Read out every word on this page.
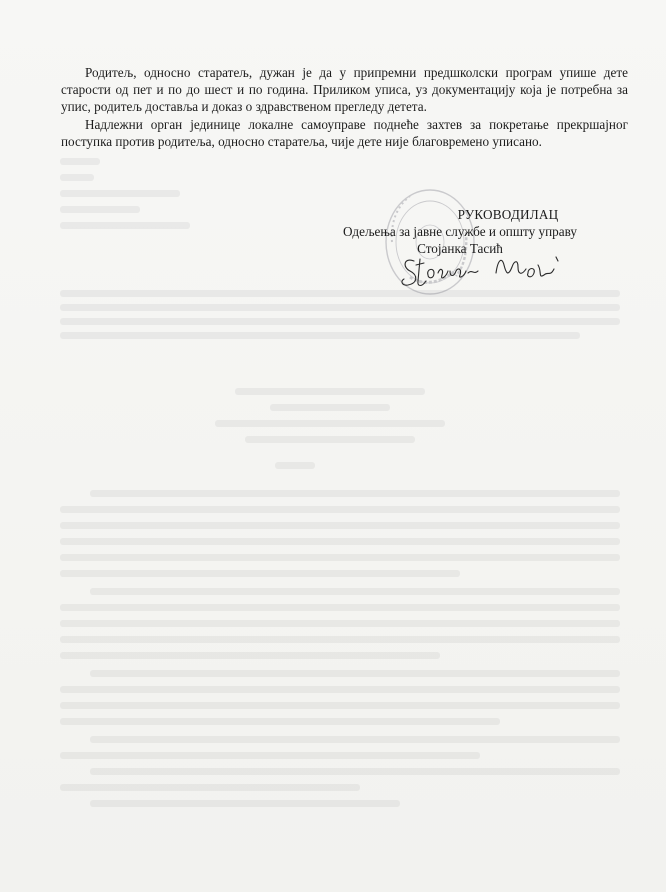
Родитељ, односно старатељ, дужан је да у припремни предшколски програм упише дете старости од пет и по до шест и по година. Приликом уписа, уз документацију која је потребна за упис, родитељ доставља и доказ о здравственом прегледу детета.

Надлежни орган јединице локалне самоуправе поднеће захтев за покретање прекршајног поступка против родитеља, односно старатеља, чије дете није благовремено уписано.

РУКОВОДИЛАЦ
Одељења за јавне службе и општу управу
Стојанка Тасић
